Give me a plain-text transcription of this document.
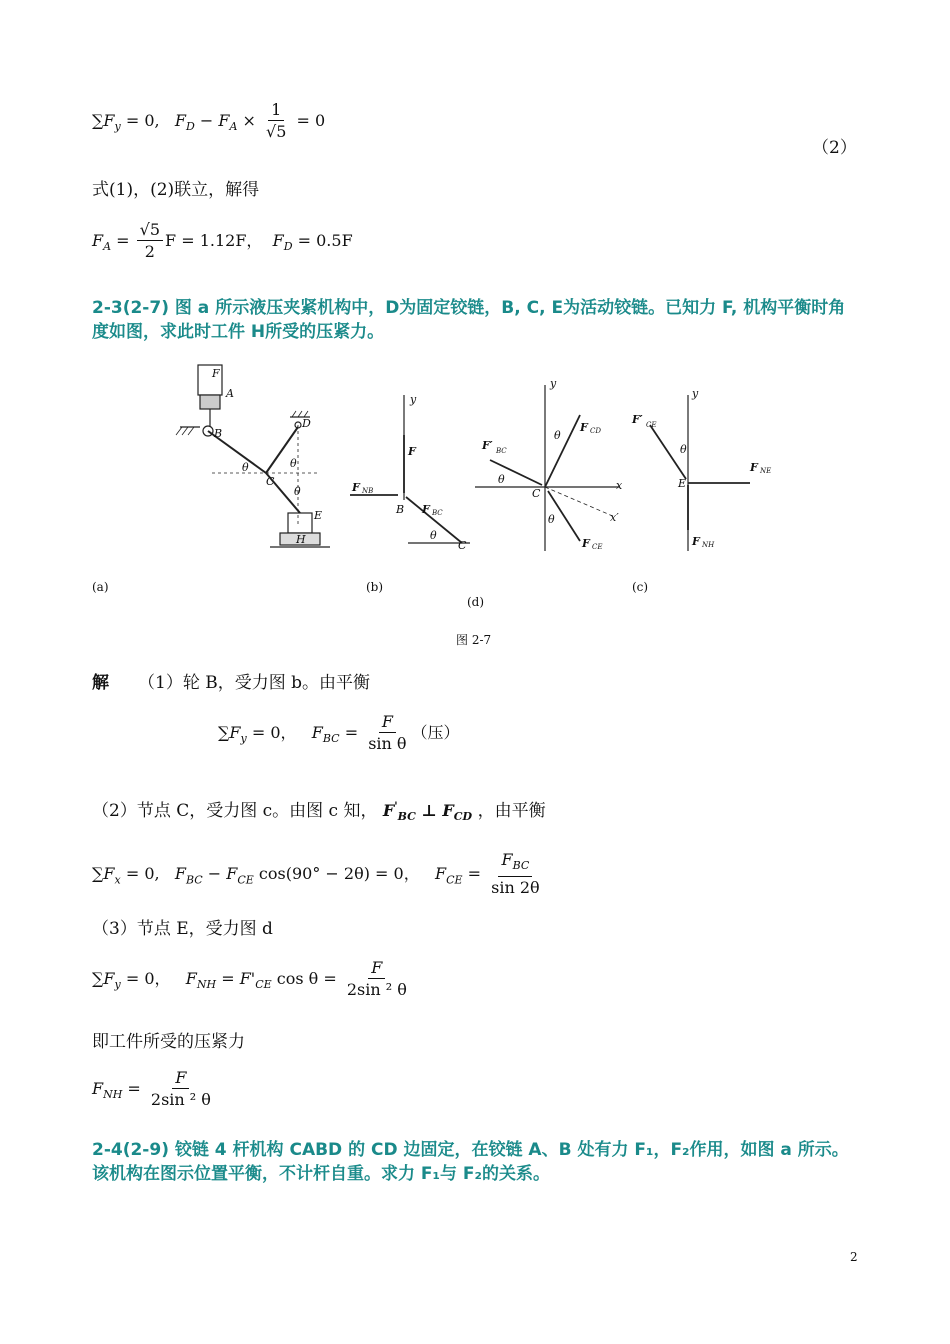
$\sum F_y = 0$, $F_D - F_A \times \frac{1}{√5} = 0$
（2）
式(1)，(2)联立，解得
$F_A = \frac{√5}{2}$ F = 1.12F， $F_D = 0.5F$
2-3(2-7) 图 a 所示液压夹紧机构中，D为固定铰链，B, C, E为活动铰链。已知力 F, 机构平衡时角度如图，求此时工件 H所受的压紧力。
A
B
C
D
E
H
F
θ	θ
θ
y
F
F NB
B F BC
θ
C
y
x
x′
F CD
F′ BC
θ
θ
θ
C
F CE
y
F′ CE
θ
E
F NE
F NH
(a)	(b)
(d)
(c)
图 2-7
解 （1）轮 B，受力图 b。由平衡
$\sum F_y = 0$， $F_{BC} = \frac{F}{\text{sin θ}}$ （压）
（2）节点 C，受力图 c。由图 c 知， $F'_{BC}$ ⊥ $F_{CD}$ ，由平衡
$\sum F_x = 0$, $F_{BC} - F_{CE}$ cos(90° − 2θ) = 0， $F_{CE} = \frac{F_{BC}}{\sin 2\theta}$
（3）节点 E，受力图 d
$\sum F_y = 0$， $F_{NH} = F'_{CE}$ $\cos \theta = \frac{F}{\text{2sin ² θ}}$
即工件所受的压紧力
$F_{NH} = \frac{F}{\text{2sin ² θ}}$
2-4(2-9) 铰链 4 杆机构 CABD 的 CD 边固定，在铰链 A、B 处有力 F₁，F₂作用，如图 a 所示。该机构在图示位置平衡，不计杆自重。求力 F₁与 F₂的关系。
2
